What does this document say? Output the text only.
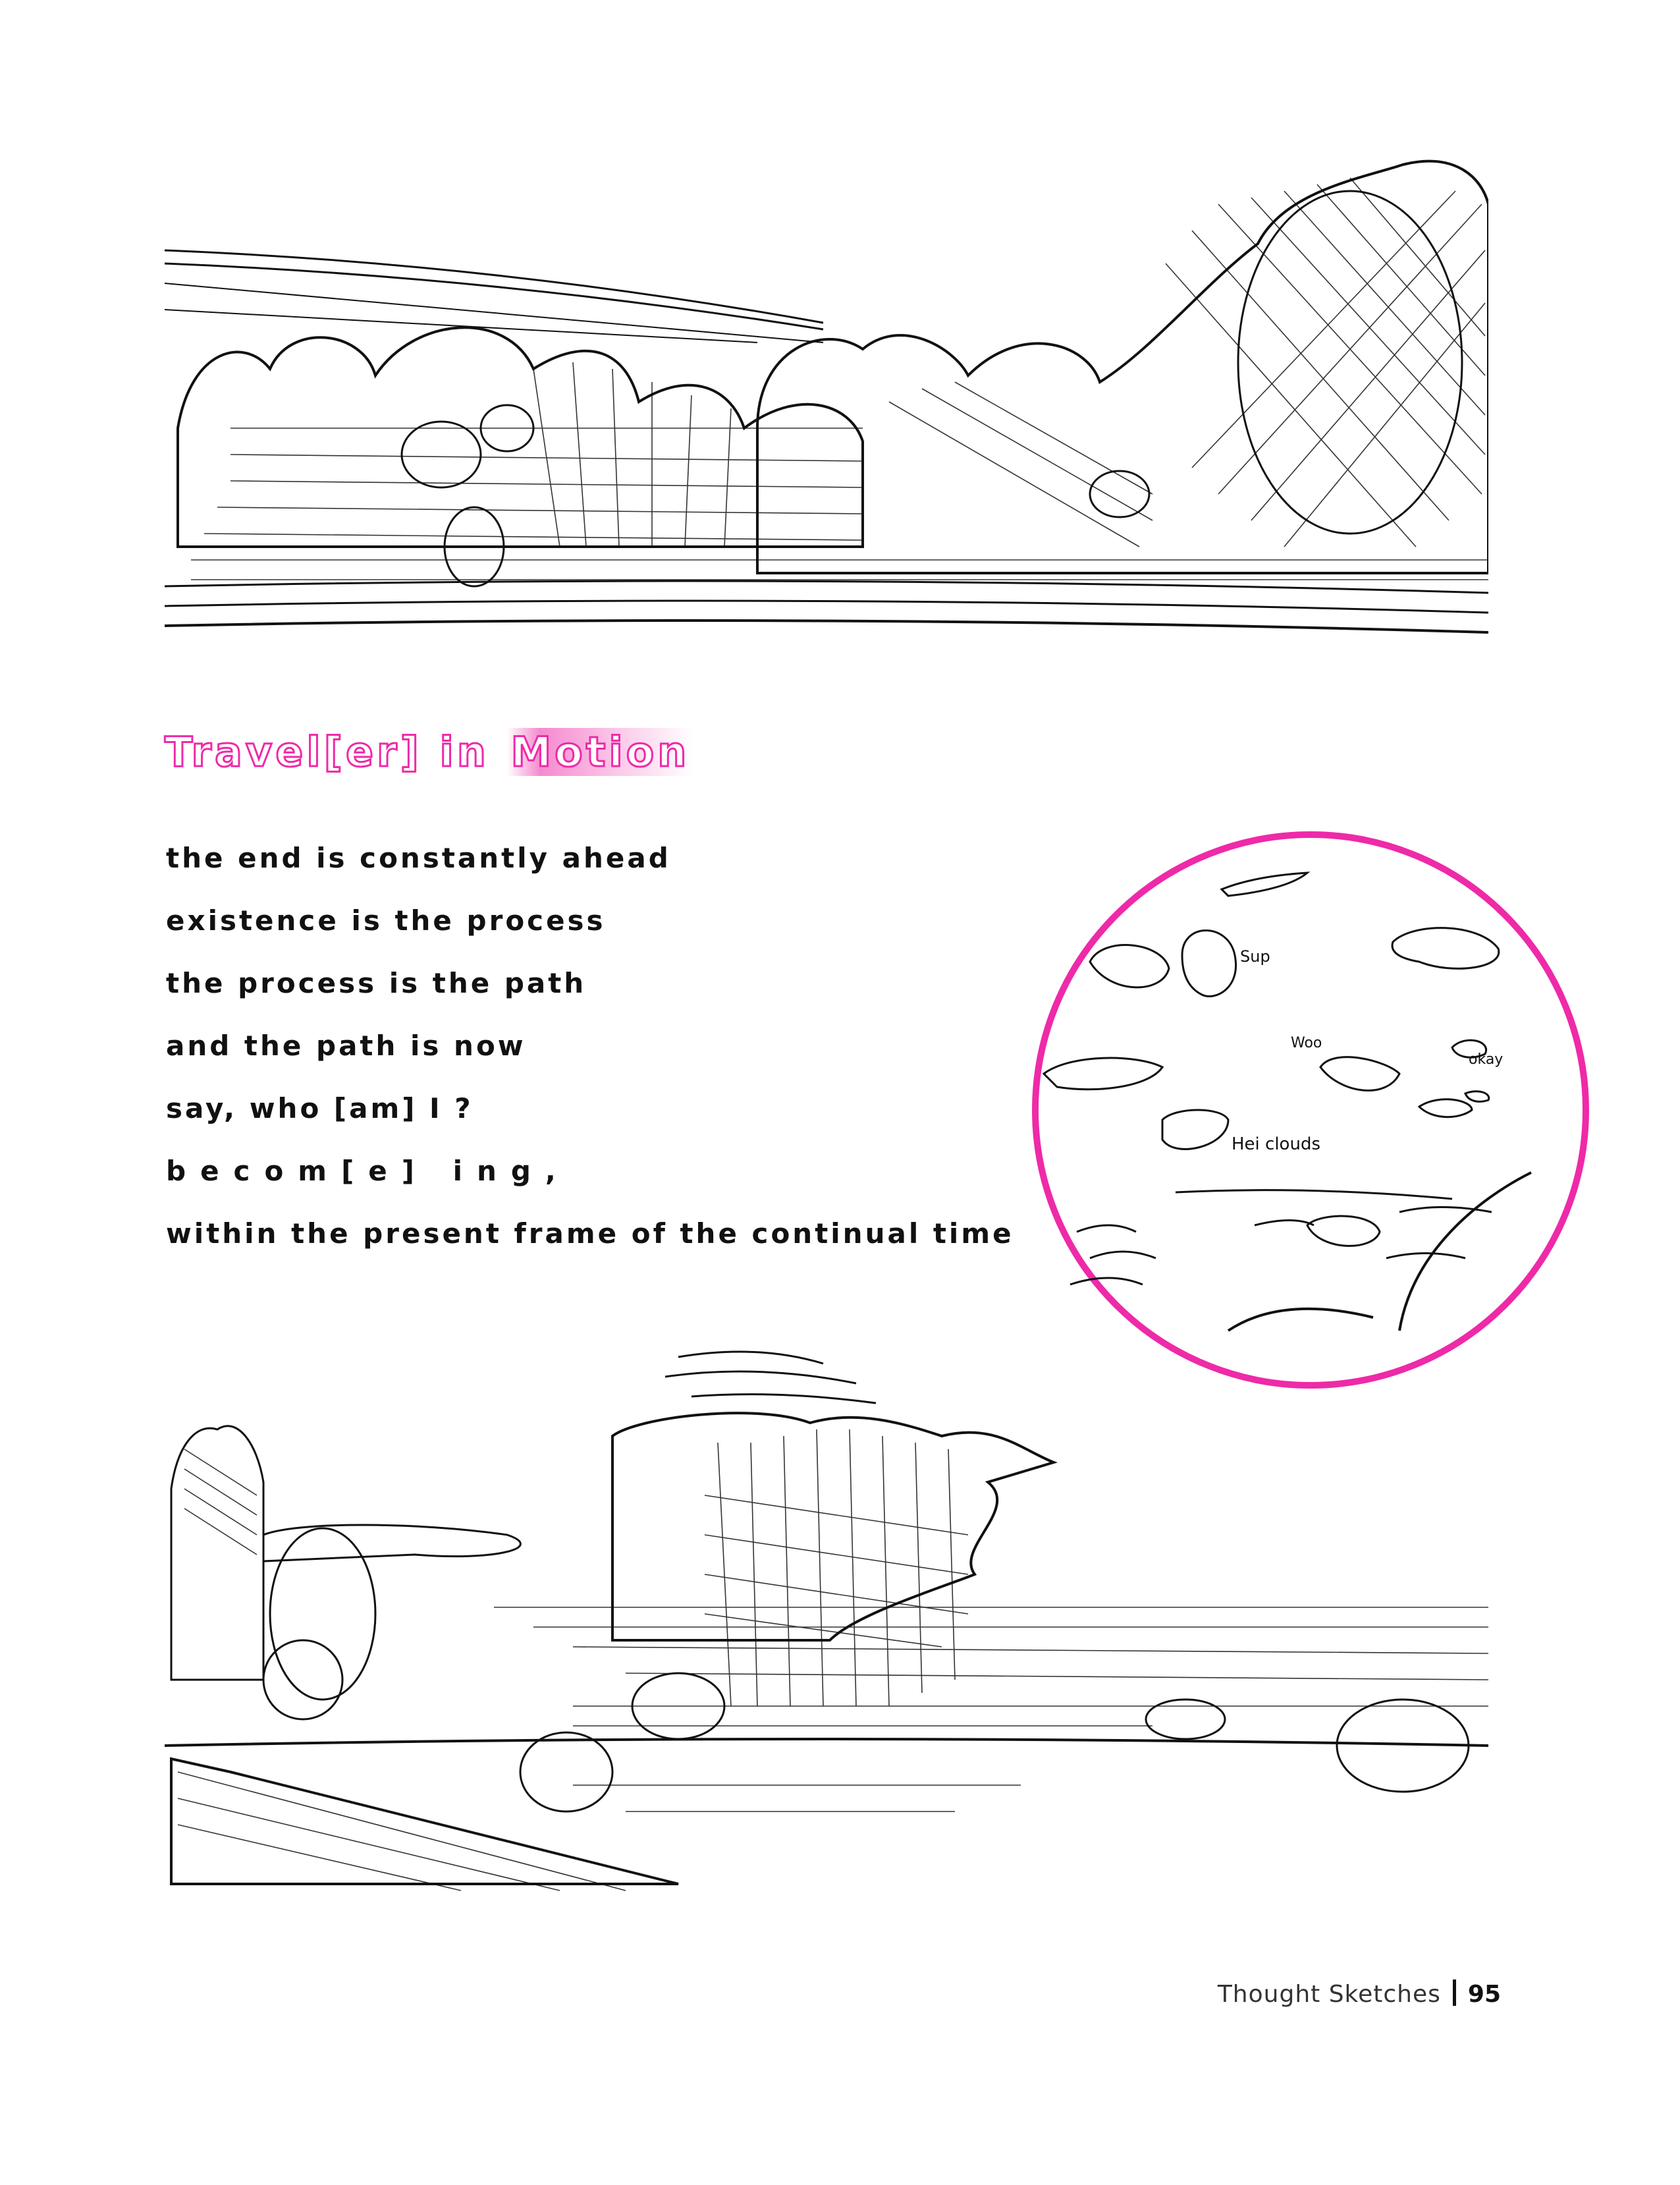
Travel[er] in Motion
the end is constantly ahead
existence is the process
the process is the path
and the path is now
say, who [am] I ?
becom[e] ing,
within the present frame of the continual time
Sup
Woo
okay
Hei clouds
Thought Sketches 95
